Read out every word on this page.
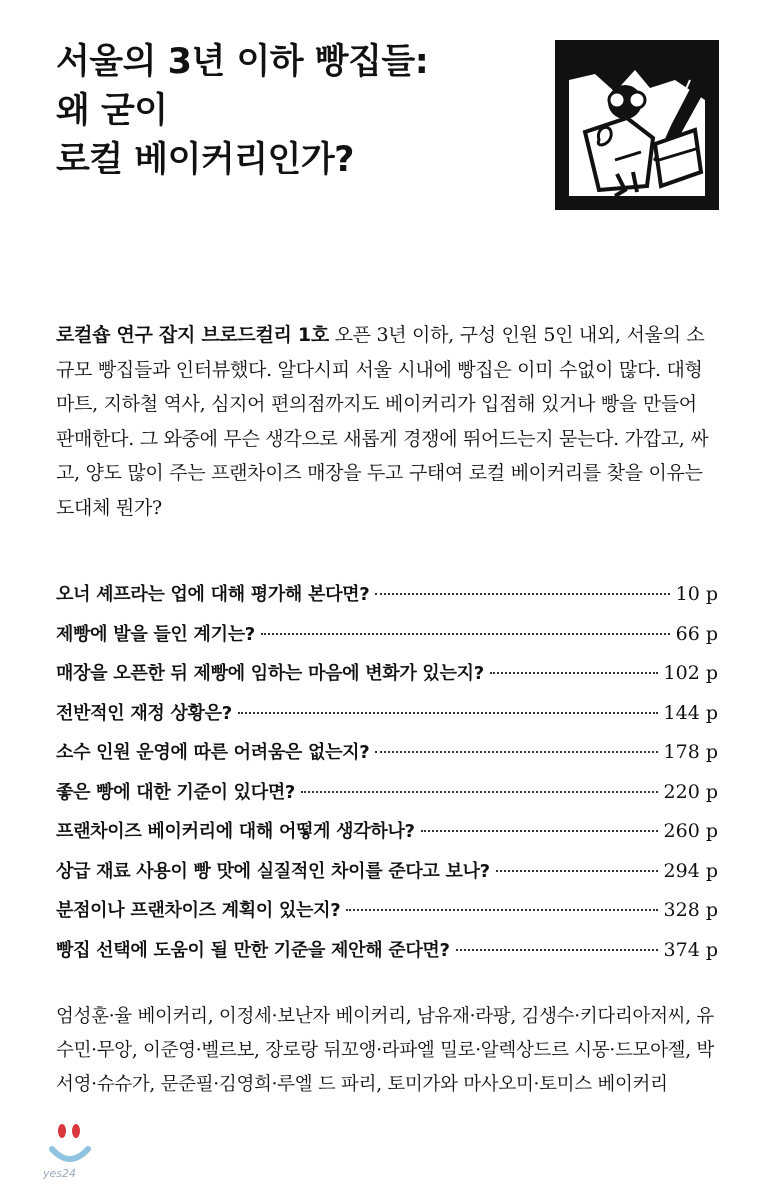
서울의 3년 이하 빵집들:
왜 굳이
로컬 베이커리인가?
로컬숍 연구 잡지 브로드컬리 1호 오픈 3년 이하, 구성 인원 5인 내외, 서울의 소규모 빵집들과 인터뷰했다. 알다시피 서울 시내에 빵집은 이미 수없이 많다. 대형마트, 지하철 역사, 심지어 편의점까지도 베이커리가 입점해 있거나 빵을 만들어 판매한다. 그 와중에 무슨 생각으로 새롭게 경쟁에 뛰어드는지 묻는다. 가깝고, 싸고, 양도 많이 주는 프랜차이즈 매장을 두고 구태여 로컬 베이커리를 찾을 이유는 도대체 뭔가?
오너 셰프라는 업에 대해 평가해 본다면?	10 p
제빵에 발을 들인 계기는?	66 p
매장을 오픈한 뒤 제빵에 임하는 마음에 변화가 있는지?	102 p
전반적인 재정 상황은?	144 p
소수 인원 운영에 따른 어려움은 없는지?	178 p
좋은 빵에 대한 기준이 있다면?	220 p
프랜차이즈 베이커리에 대해 어떻게 생각하나?	260 p
상급 재료 사용이 빵 맛에 실질적인 차이를 준다고 보나?	294 p
분점이나 프랜차이즈 계획이 있는지?	328 p
빵집 선택에 도움이 될 만한 기준을 제안해 준다면?	374 p
엄성훈·율 베이커리, 이정세·보난자 베이커리, 남유재·라팡, 김생수·키다리아저씨, 유수민·무앙, 이준영·벨르보, 장로랑 뒤꼬앵·라파엘 밀로·알렉상드르 시몽·드모아젤, 박서영·슈슈가, 문준필·김영희·루엘 드 파리, 토미가와 마사오미·토미스 베이커리
yes24
